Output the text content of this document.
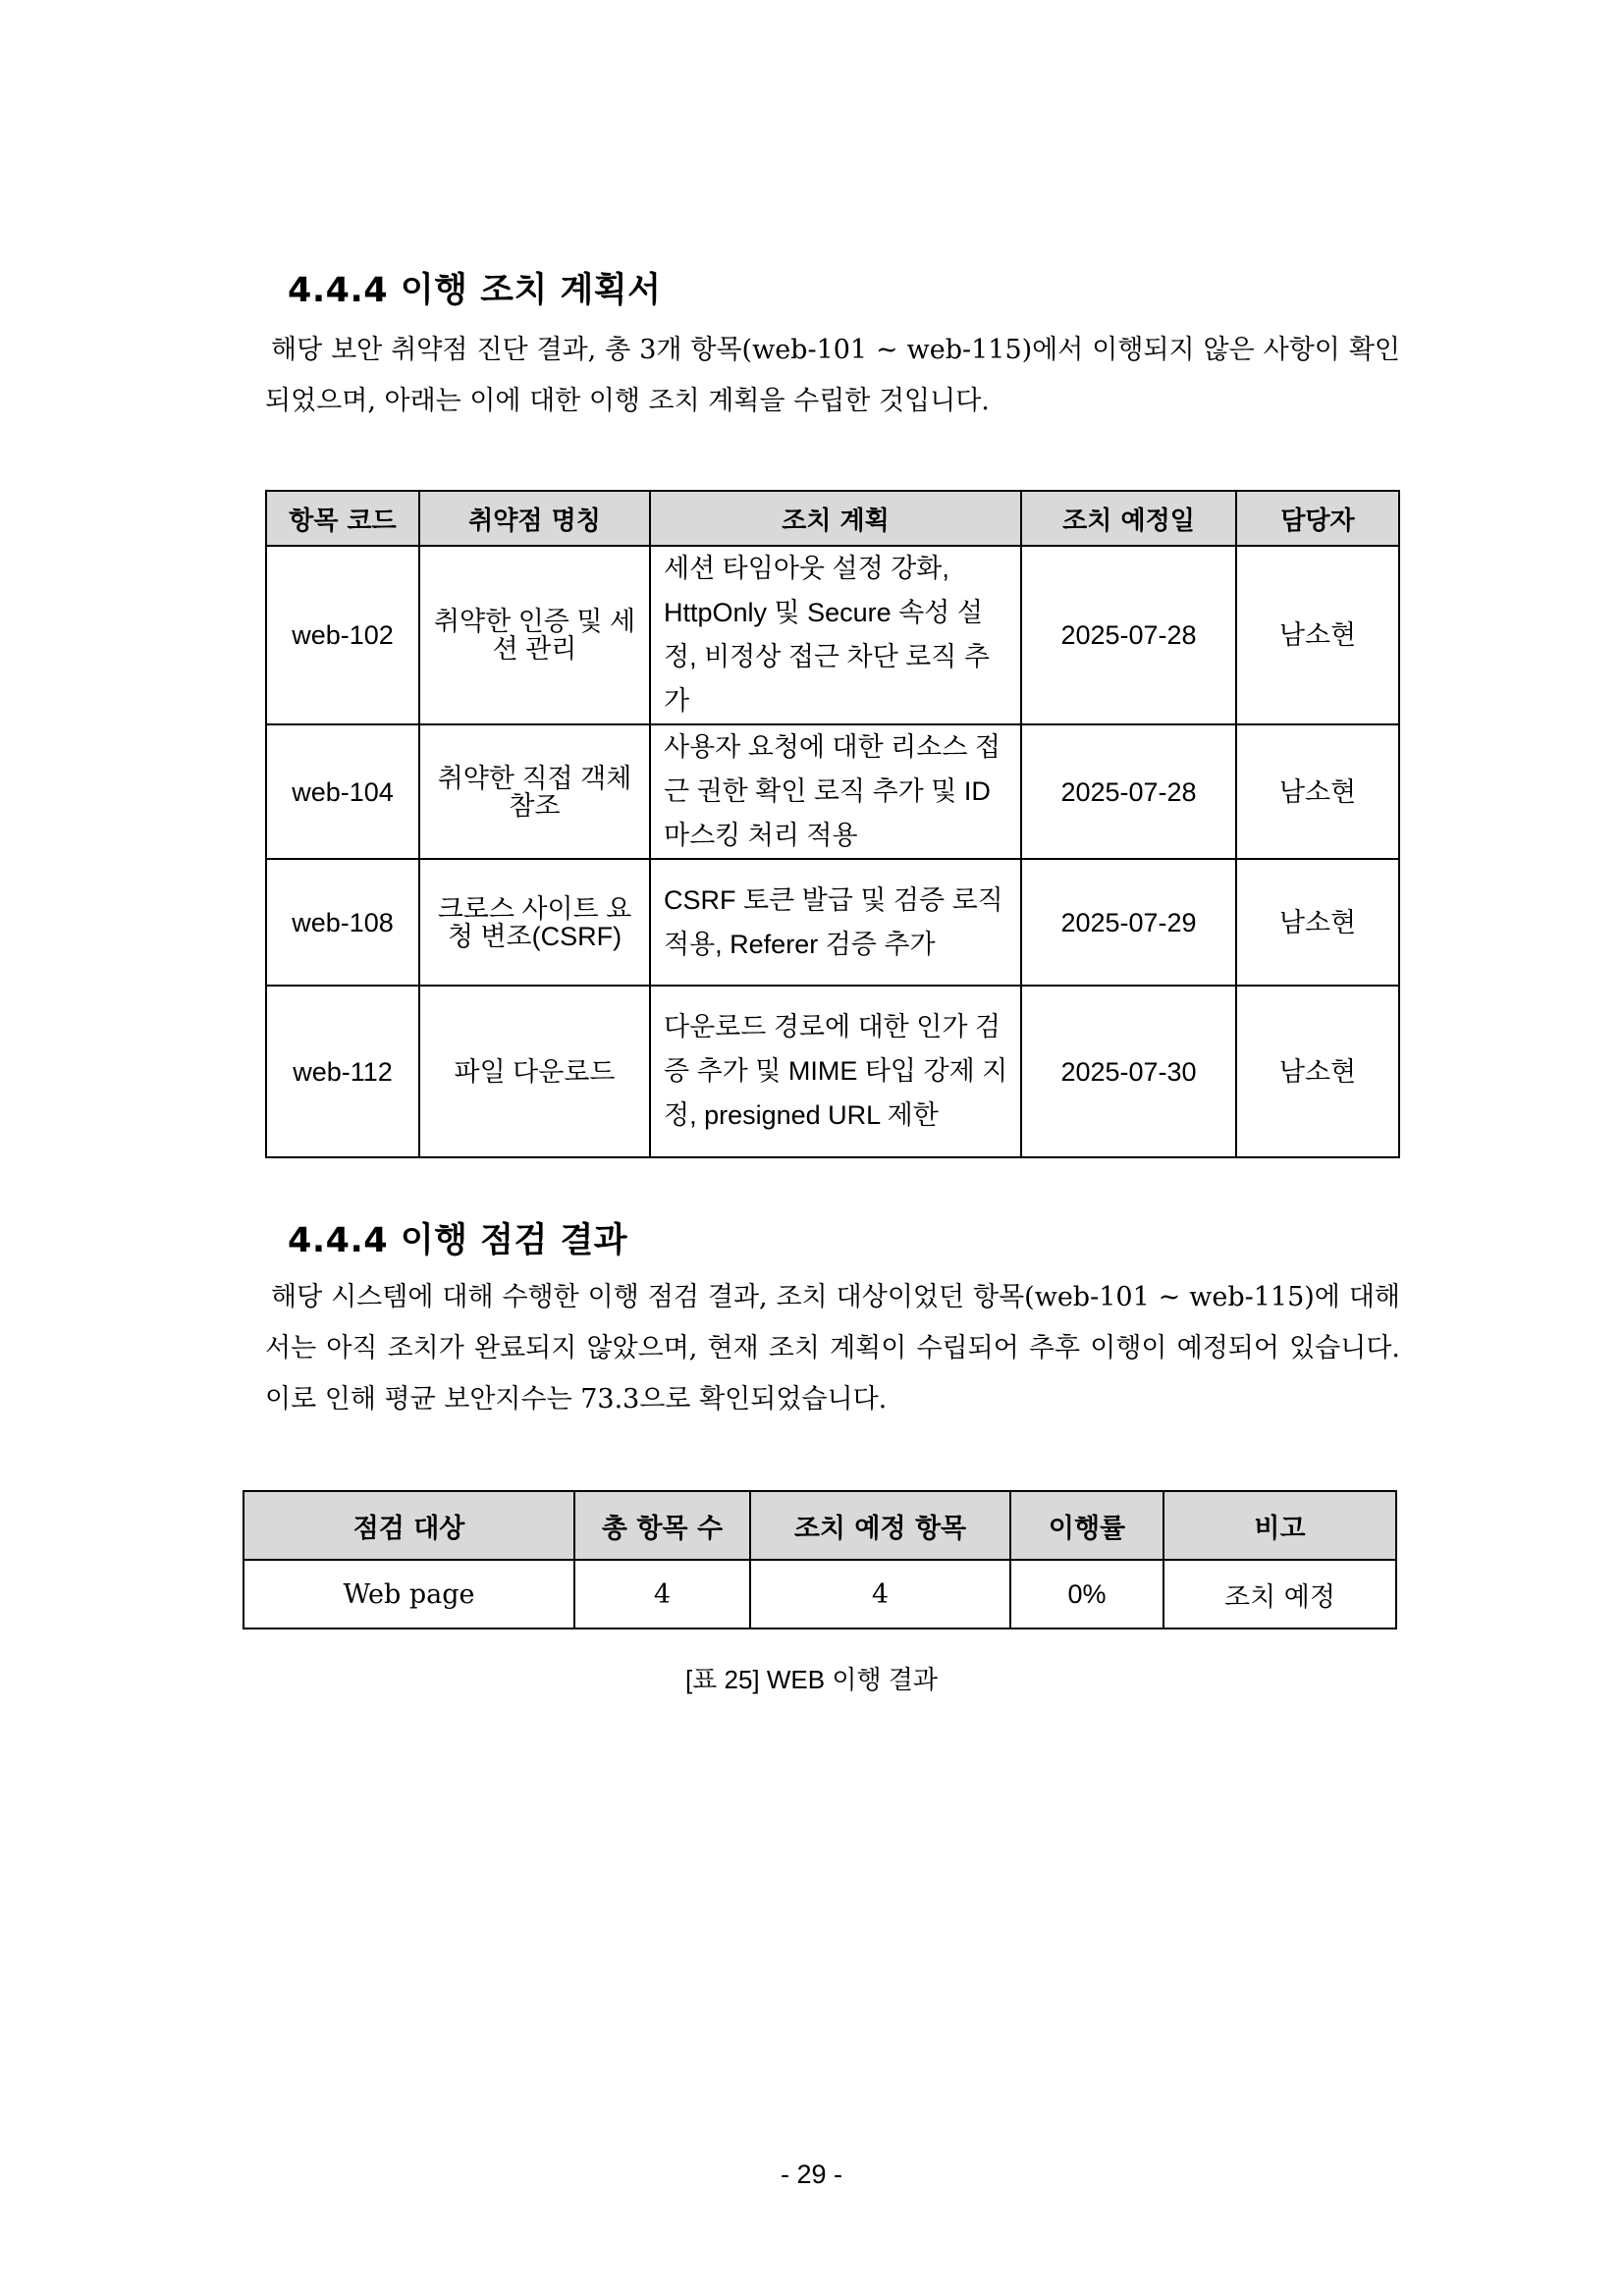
4.4.4 이행 조치 계획서

해당 보안 취약점 진단 결과, 총 3개 항목(web-101 ~ web-115)에서 이행되지 않은 사항이 확인되었으며, 아래는 이에 대한 이행 조치 계획을 수립한 것입니다.

항목 코드	취약점 명칭	조치 계획	조치 예정일	담당자
web-102	취약한 인증 및 세션 관리	세션 타임아웃 설정 강화, HttpOnly 및 Secure 속성 설정, 비정상 접근 차단 로직 추가	2025-07-28	남소현
web-104	취약한 직접 객체 참조	사용자 요청에 대한 리소스 접근 권한 확인 로직 추가 및 ID 마스킹 처리 적용	2025-07-28	남소현
web-108	크로스 사이트 요청 변조(CSRF)	CSRF 토큰 발급 및 검증 로직 적용, Referer 검증 추가	2025-07-29	남소현
web-112	파일 다운로드	다운로드 경로에 대한 인가 검증 추가 및 MIME 타입 강제 지정, presigned URL 제한	2025-07-30	남소현
4.4.4 이행 점검 결과

해당 시스템에 대해 수행한 이행 점검 결과, 조치 대상이었던 항목(web-101 ~ web-115)에 대해서는 아직 조치가 완료되지 않았으며, 현재 조치 계획이 수립되어 추후 이행이 예정되어 있습니다. 이로 인해 평균 보안지수는 73.3으로 확인되었습니다.

점검 대상	총 항목 수	조치 예정 항목	이행률	비고
Web page	4	4	0%	조치 예정

[표 25] WEB 이행 결과

- 29 -
